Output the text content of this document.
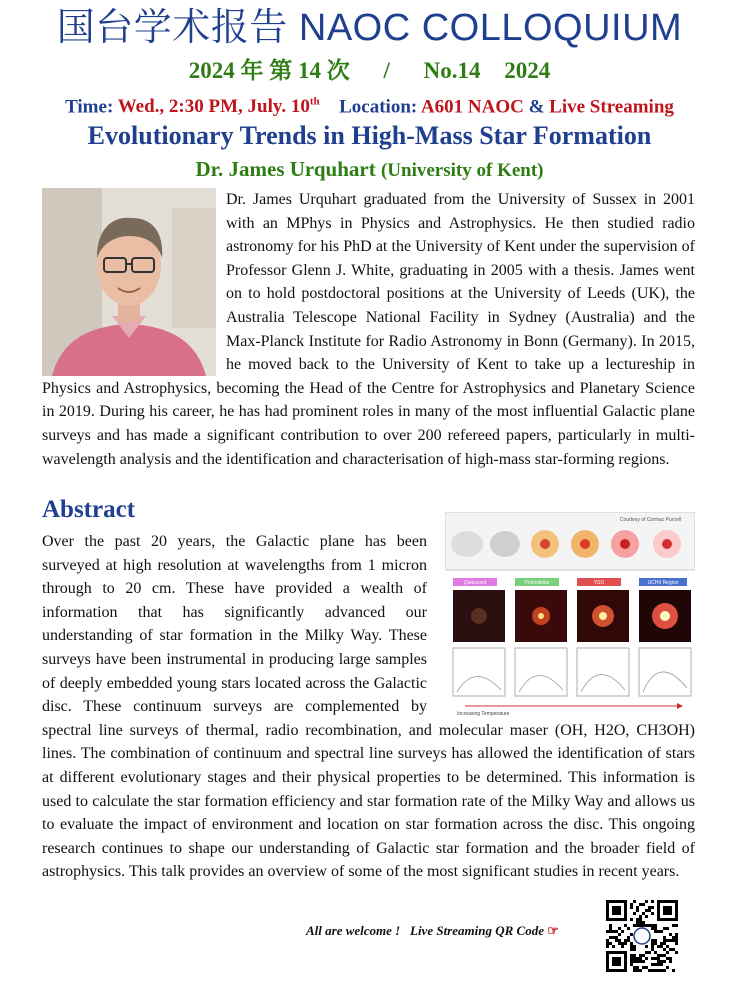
国台学术报告 NAOC COLLOQUIUM
2024 年 第 14 次 / No.14 2024
Time: Wed., 2:30 PM, July. 10th Location: A601 NAOC & Live Streaming
Evolutionary Trends in High-Mass Star Formation
Dr. James Urquhart (University of Kent)
Dr. James Urquhart graduated from the University of Sussex in 2001 with an MPhys in Physics and Astrophysics. He then studied radio astronomy for his PhD at the University of Kent under the supervision of Professor Glenn J. White, graduating in 2005 with a thesis. James went on to hold postdoctoral positions at the University of Leeds (UK), the Australia Telescope National Facility in Sydney (Australia) and the Max-Planck Institute for Radio Astronomy in Bonn (Germany). In 2015, he moved back to the University of Kent to take up a lectureship in Physics and Astrophysics, becoming the Head of the Centre for Astrophysics and Planetary Science in 2019. During his career, he has had prominent roles in many of the most influential Galactic plane surveys and has made a significant contribution to over 200 refereed papers, particularly in multi-wavelength analysis and the identification and characterisation of high-mass star-forming regions.
Abstract	Courtesy of Cormac Purcell
Quiescent	Protostellar	YSO	UCHII Region
Increasing Temperature
Over the past 20 years, the Galactic plane has been surveyed at high resolution at wavelengths from 1 micron through to 20 cm. These have provided a wealth of information that has significantly advanced our understanding of star formation in the Milky Way. These surveys have been instrumental in producing large samples of deeply embedded young stars located across the Galactic disc. These continuum surveys are complemented by spectral line surveys of thermal, radio recombination, and molecular maser (OH, H2O, CH3OH) lines. The combination of continuum and spectral line surveys has allowed the identification of stars at different evolutionary stages and their physical properties to be determined. This information is used to calculate the star formation efficiency and star formation rate of the Milky Way and allows us to evaluate the impact of environment and location on star formation across the disc. This ongoing research continues to shape our understanding of Galactic star formation and the broader field of astrophysics. This talk provides an overview of some of the most significant studies in recent years.
All are welcome ! Live Streaming QR Code ☞
